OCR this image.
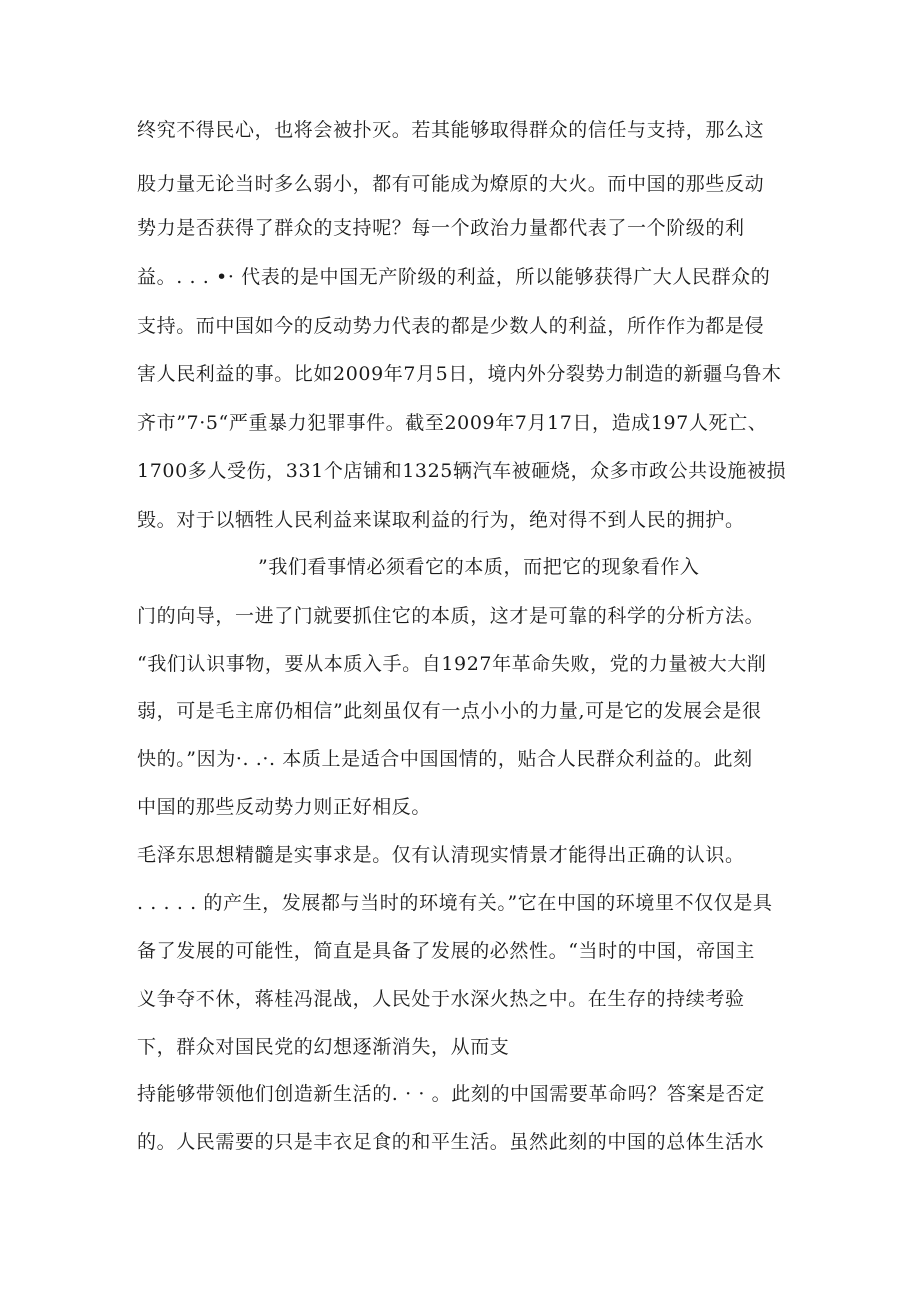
终究不得民心，也将会被扑灭。若其能够取得群众的信任与支持，那么这

股力量无论当时多么弱小，都有可能成为燎原的大火。而中国的那些反动

势力是否获得了群众的支持呢？每一个政治力量都代表了一个阶级的利

益。. . . •· 代表的是中国无产阶级的利益，所以能够获得广大人民群众的

支持。而中国如今的反动势力代表的都是少数人的利益，所作作为都是侵

害人民利益的事。比如2009年7月5日，境内外分裂势力制造的新疆乌鲁木

齐市”7·5“严重暴力犯罪事件。截至2009年7月17日，造成197人死亡、

1700多人受伤，331个店铺和1325辆汽车被砸烧，众多市政公共设施被损

毁。对于以牺牲人民利益来谋取利益的行为，绝对得不到人民的拥护。

”我们看事情必须看它的本质，而把它的现象看作入

门的向导，一进了门就要抓住它的本质，这才是可靠的科学的分析方法。

“我们认识事物，要从本质入手。自1927年革命失败，党的力量被大大削

弱，可是毛主席仍相信”此刻虽仅有一点小小的力量,可是它的发展会是很

快的。”因为·. .·. 本质上是适合中国国情的，贴合人民群众利益的。此刻

中国的那些反动势力则正好相反。

毛泽东思想精髓是实事求是。仅有认清现实情景才能得出正确的认识。

. . . . . 的产生，发展都与当时的环境有关。”它在中国的环境里不仅仅是具

备了发展的可能性，简直是具备了发展的必然性。“当时的中国，帝国主

义争夺不休，蒋桂冯混战，人民处于水深火热之中。在生存的持续考验

下，群众对国民党的幻想逐渐消失，从而支

持能够带领他们创造新生活的. · · 。此刻的中国需要革命吗？答案是否定

的。人民需要的只是丰衣足食的和平生活。虽然此刻的中国的总体生活水
